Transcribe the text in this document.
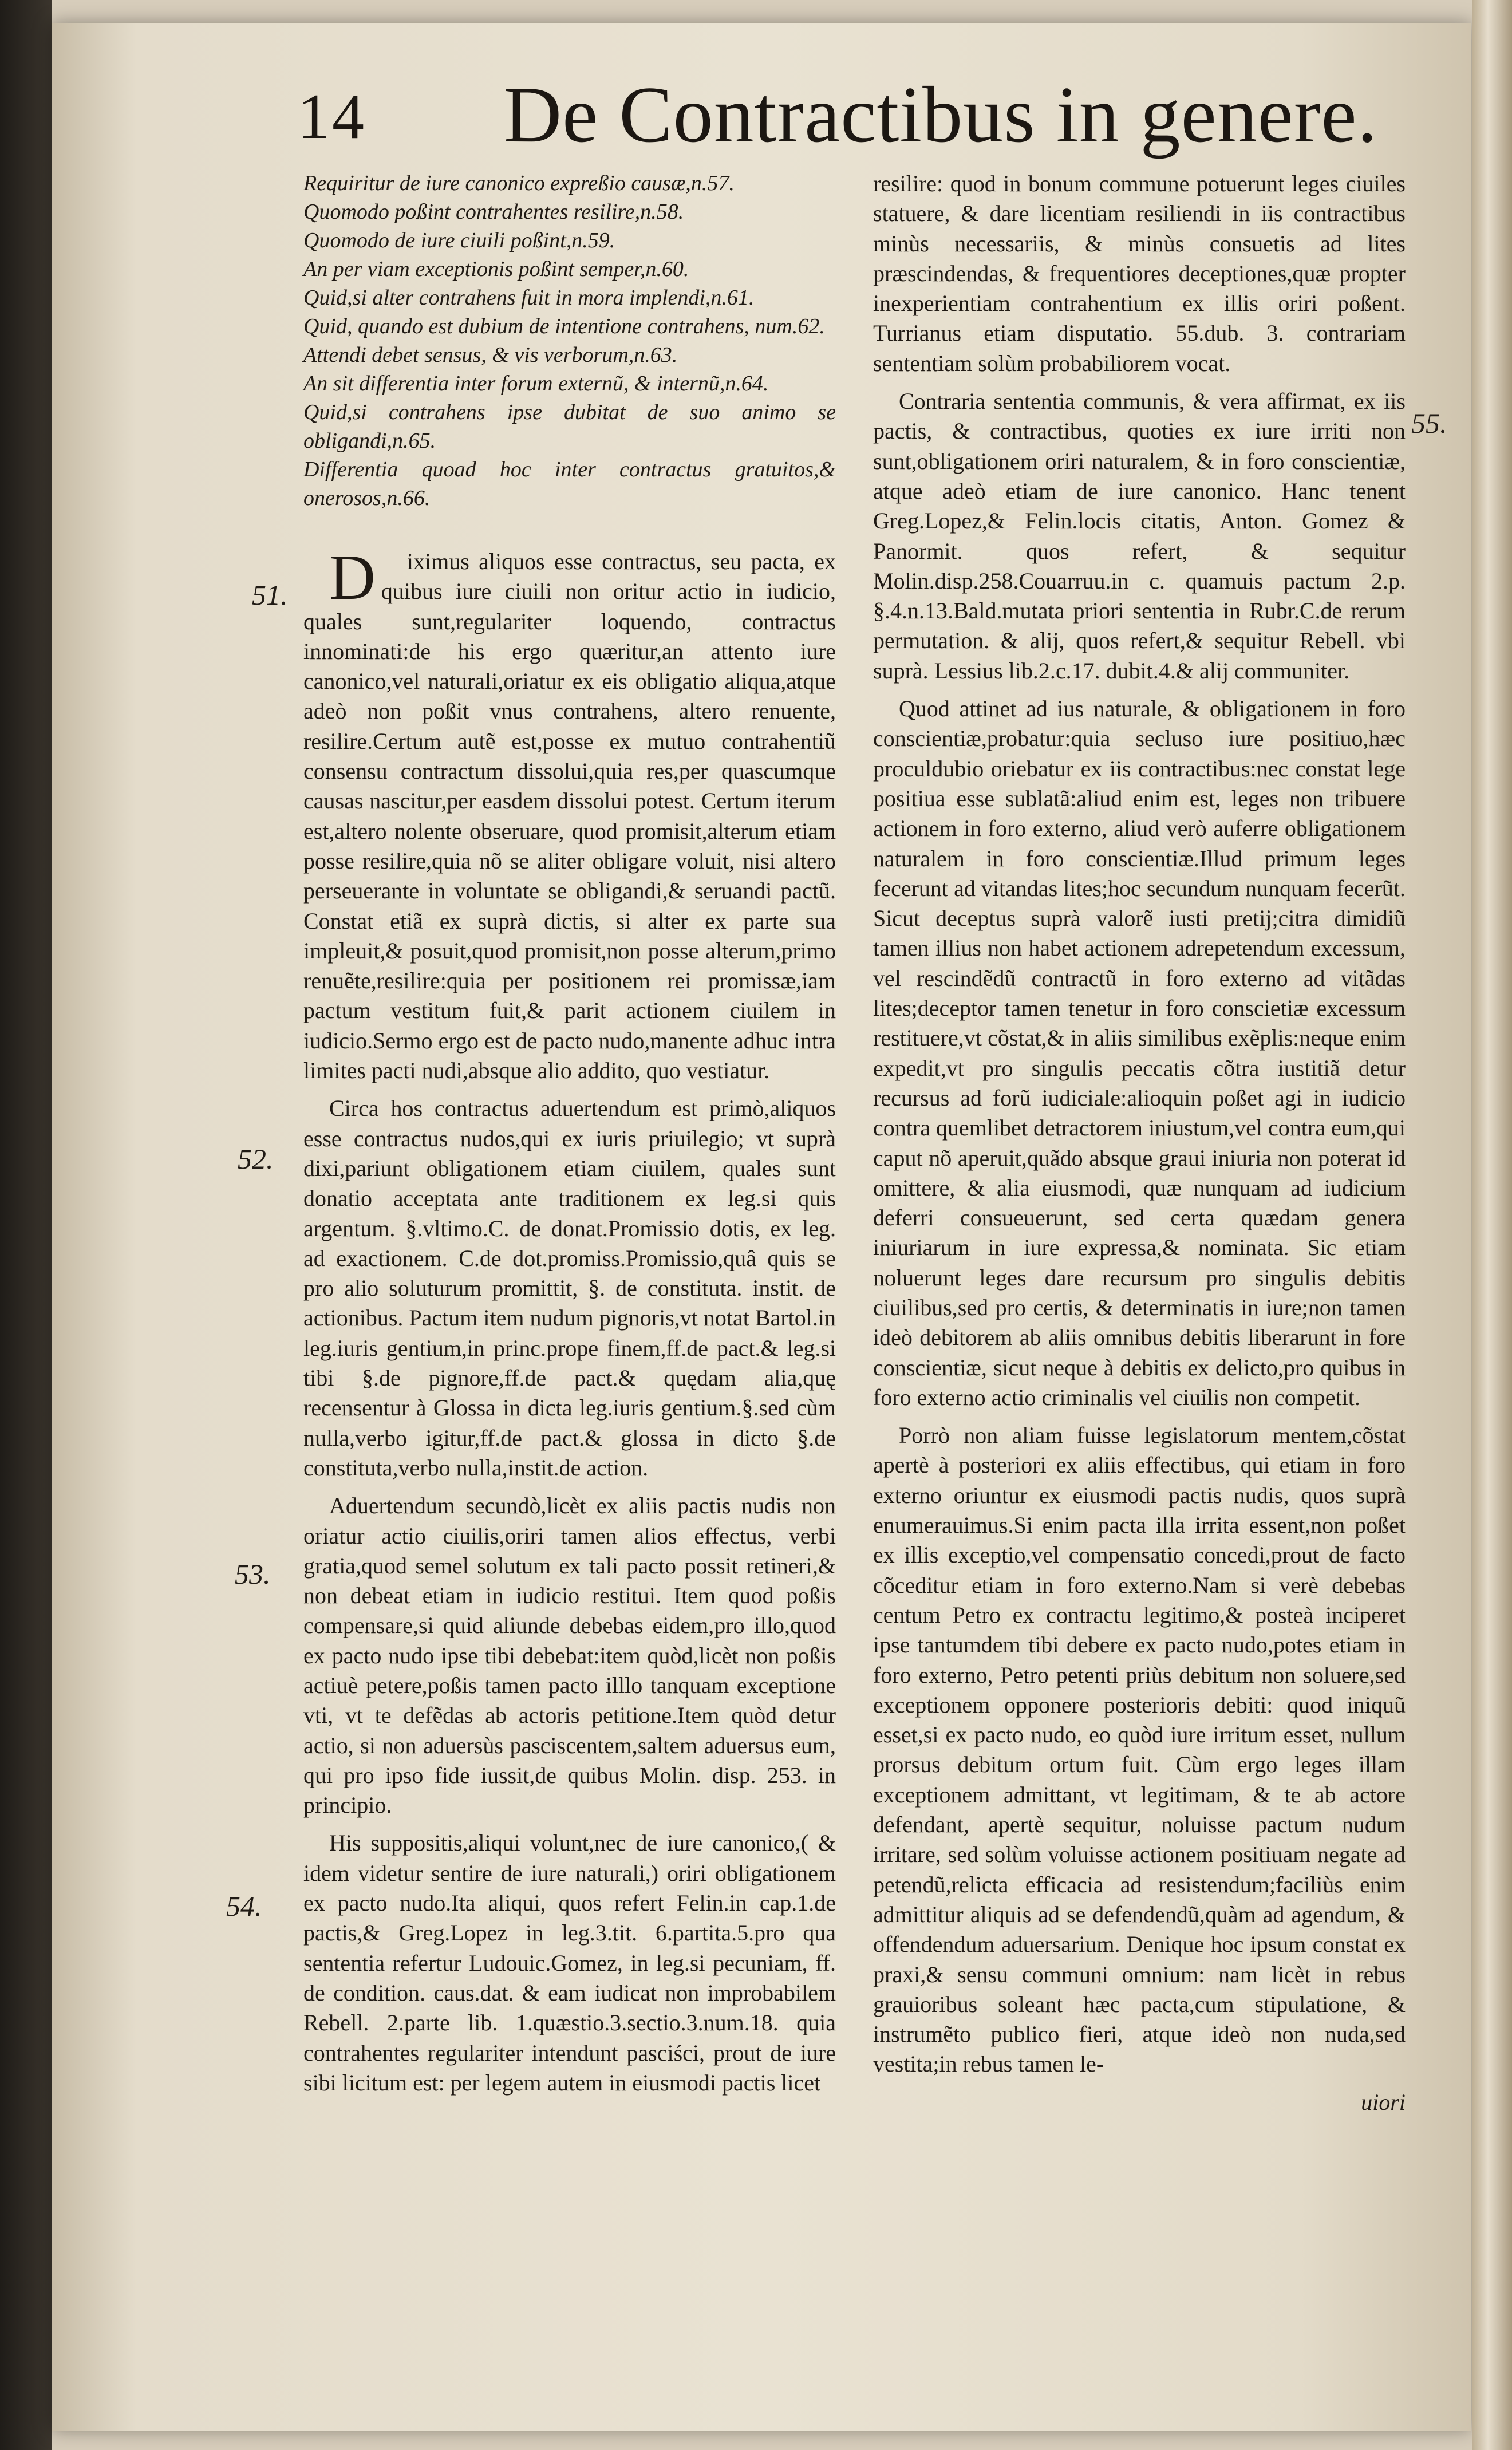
14 De Contractibus in genere.

Requiritur de iure canonico expreßio causæ,n.57.

Quomodo poßint contrahentes resilire,n.58.

Quomodo de iure ciuili poßint,n.59.

An per viam exceptionis poßint semper,n.60.

Quid,si alter contrahens fuit in mora implendi,n.61.

Quid, quando est dubium de intentione contrahens, num.62.

Attendi debet sensus, & vis verborum,n.63.

An sit differentia inter forum externũ, & internũ,n.64.

Quid,si contrahens ipse dubitat de suo animo se obligandi,n.65.

Differentia quoad hoc inter contractus gratuitos,& onerosos,n.66.

Diximus aliquos esse contractus, seu pacta, ex quibus iure ciuili non oritur actio in iudicio, quales sunt,regulariter loquendo, contractus innominati:de his ergo quæritur,an attento iure canonico,vel naturali,oriatur ex eis obligatio aliqua,atque adeò non poßit vnus contrahens, altero renuente, resilire.Certum autẽ est,posse ex mutuo contrahentiũ consensu contractum dissolui,quia res,per quascumque causas nascitur,per easdem dissolui potest. Certum iterum est,altero nolente obseruare, quod promisit,alterum etiam posse resilire,quia nõ se aliter obligare voluit, nisi altero perseuerante in voluntate se obligandi,& seruandi pactũ. Constat etiã ex suprà dictis, si alter ex parte sua impleuit,& posuit,quod promisit,non posse alterum,primo renuẽte,resilire:quia per positionem rei promissæ,iam pactum vestitum fuit,& parit actionem ciuilem in iudicio.Sermo ergo est de pacto nudo,manente adhuc intra limites pacti nudi,absque alio addito, quo vestiatur.

Circa hos contractus aduertendum est primò,aliquos esse contractus nudos,qui ex iuris priuilegio; vt suprà dixi,pariunt obligationem etiam ciuilem, quales sunt donatio acceptata ante traditionem ex leg.si quis argentum. §.vltimo.C. de donat.Promissio dotis, ex leg. ad exactionem. C.de dot.promiss.Promissio,quâ quis se pro alio soluturum promittit, §. de constituta. instit. de actionibus. Pactum item nudum pignoris,vt notat Bartol.in leg.iuris gentium,in princ.prope finem,ff.de pact.& leg.si tibi §.de pignore,ff.de pact.& quędam alia,quę recensentur à Glossa in dicta leg.iuris gentium.§.sed cùm nulla,verbo igitur,ff.de pact.& glossa in dicto §.de constituta,verbo nulla,instit.de action.

Aduertendum secundò,licèt ex aliis pactis nudis non oriatur actio ciuilis,oriri tamen alios effectus, verbi gratia,quod semel solutum ex tali pacto possit retineri,& non debeat etiam in iudicio restitui. Item quod poßis compensare,si quid aliunde debebas eidem,pro illo,quod ex pacto nudo ipse tibi debebat:item quòd,licèt non poßis actiuè petere,poßis tamen pacto illlo tanquam exceptione vti, vt te defẽdas ab actoris petitione.Item quòd detur actio, si non aduersùs pasciscentem,saltem aduersus eum, qui pro ipso fide iussit,de quibus Molin. disp. 253. in principio.

His suppositis,aliqui volunt,nec de iure canonico,( & idem videtur sentire de iure naturali,) oriri obligationem ex pacto nudo.Ita aliqui, quos refert Felin.in cap.1.de pactis,& Greg.Lopez in leg.3.tit. 6.partita.5.pro qua sententia refertur Ludouic.Gomez, in leg.si pecuniam, ff. de condition. caus.dat. & eam iudicat non improbabilem Rebell. 2.parte lib. 1.quæstio.3.sectio.3.num.18. quia contrahentes regulariter intendunt pasciści, prout de iure sibi licitum est: per legem autem in eiusmodi pactis licet

51.
52.
53.
54.
55.

resilire: quod in bonum commune potuerunt leges ciuiles statuere, & dare licentiam resiliendi in iis contractibus minùs necessariis, & minùs consuetis ad lites præscindendas, & frequentiores deceptiones,quæ propter inexperientiam contrahentium ex illis oriri poßent. Turrianus etiam disputatio. 55.dub. 3. contrariam sententiam solùm probabiliorem vocat.

Contraria sententia communis, & vera affirmat, ex iis pactis, & contractibus, quoties ex iure irriti non sunt,obligationem oriri naturalem, & in foro conscientiæ, atque adeò etiam de iure canonico. Hanc tenent Greg.Lopez,& Felin.locis citatis, Anton. Gomez & Panormit. quos refert, & sequitur Molin.disp.258.Couarruu.in c. quamuis pactum 2.p. §.4.n.13.Bald.mutata priori sententia in Rubr.C.de rerum permutation. & alij, quos refert,& sequitur Rebell. vbi suprà. Lessius lib.2.c.17. dubit.4.& alij communiter.

Quod attinet ad ius naturale, & obligationem in foro conscientiæ,probatur:quia secluso iure positiuo,hæc proculdubio oriebatur ex iis contractibus:nec constat lege positiua esse sublatã:aliud enim est, leges non tribuere actionem in foro externo, aliud verò auferre obligationem naturalem in foro conscientiæ.Illud primum leges fecerunt ad vitandas lites;hoc secundum nunquam fecerũt. Sicut deceptus suprà valorẽ iusti pretij;citra dimidiũ tamen illius non habet actionem adrepetendum excessum, vel rescindẽdũ contractũ in foro externo ad vitãdas lites;deceptor tamen tenetur in foro conscietiæ excessum restituere,vt cõstat,& in aliis similibus exẽplis:neque enim expedit,vt pro singulis peccatis cõtra iustitiã detur recursus ad forũ iudiciale:alioquin poßet agi in iudicio contra quemlibet detractorem iniustum,vel contra eum,qui caput nõ aperuit,quãdo absque graui iniuria non poterat id omittere, & alia eiusmodi, quæ nunquam ad iudicium deferri consueuerunt, sed certa quædam genera iniuriarum in iure expressa,& nominata. Sic etiam noluerunt leges dare recursum pro singulis debitis ciuilibus,sed pro certis, & determinatis in iure;non tamen ideò debitorem ab aliis omnibus debitis liberarunt in fore conscientiæ, sicut neque à debitis ex delicto,pro quibus in foro externo actio criminalis vel ciuilis non competit.

Porrò non aliam fuisse legislatorum mentem,cõstat apertè à posteriori ex aliis effectibus, qui etiam in foro externo oriuntur ex eiusmodi pactis nudis, quos suprà enumerauimus.Si enim pacta illa irrita essent,non poßet ex illis exceptio,vel compensatio concedi,prout de facto cõceditur etiam in foro externo.Nam si verè debebas centum Petro ex contractu legitimo,& posteà inciperet ipse tantumdem tibi debere ex pacto nudo,potes etiam in foro externo, Petro petenti priùs debitum non soluere,sed exceptionem opponere posterioris debiti: quod iniquũ esset,si ex pacto nudo, eo quòd iure irritum esset, nullum prorsus debitum ortum fuit. Cùm ergo leges illam exceptionem admittant, vt legitimam, & te ab actore defendant, apertè sequitur, noluisse pactum nudum irritare, sed solùm voluisse actionem positiuam negate ad petendũ,relicta efficacia ad resistendum;faciliùs enim admittitur aliquis ad se defendendũ,quàm ad agendum, & offendendum aduersarium. Denique hoc ipsum constat ex praxi,& sensu communi omnium: nam licèt in rebus grauioribus soleant hæc pacta,cum stipulatione, & instrumẽto publico fieri, atque ideò non nuda,sed vestita;in rebus tamen le-

uiori
